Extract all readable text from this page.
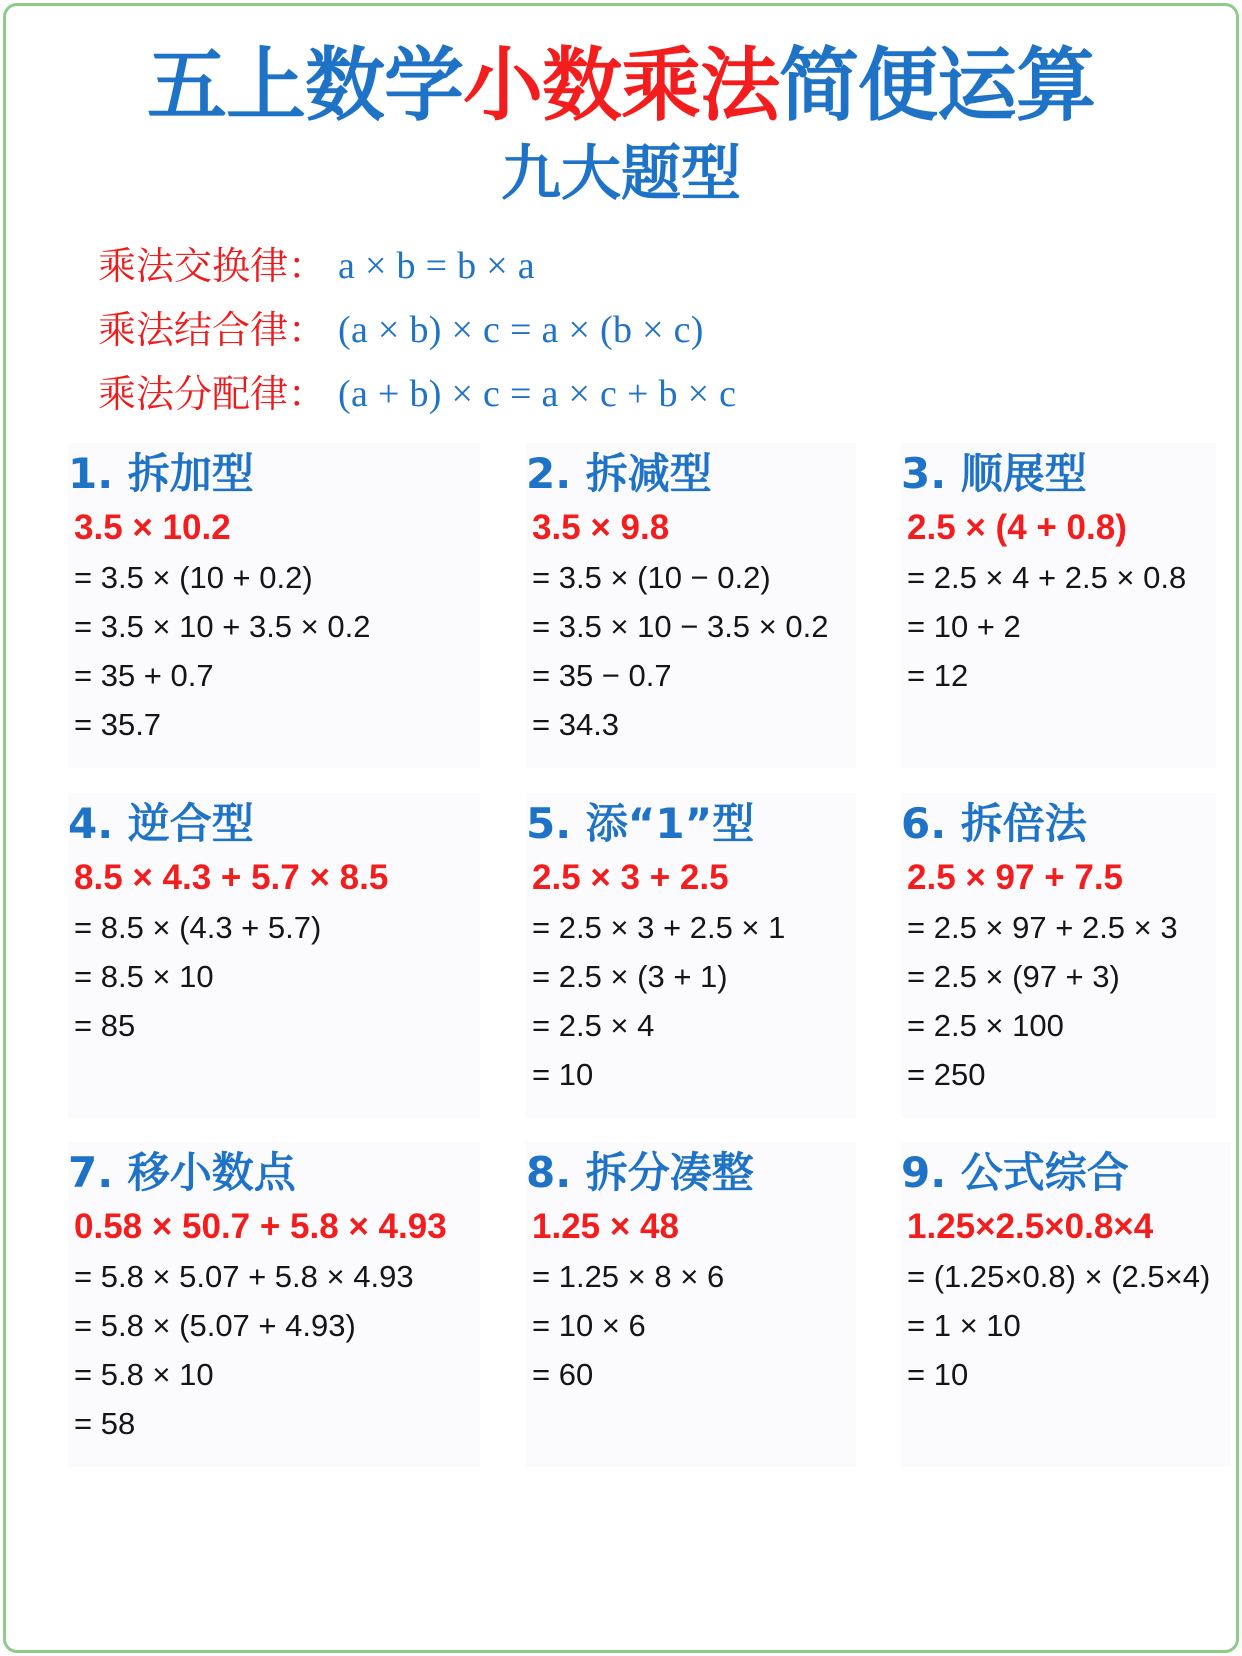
五上数学小数乘法简便运算
九大题型
乘法交换律： a × b = b × a
乘法结合律： (a × b) × c = a × (b × c)
乘法分配律： (a + b) × c = a × c + b × c
1. 拆加型
3.5 × 10.2
= 3.5 × (10 + 0.2)
= 3.5 × 10 + 3.5 × 0.2
= 35 + 0.7
= 35.7
2. 拆减型
3.5 × 9.8
= 3.5 × (10 − 0.2)
= 3.5 × 10 − 3.5 × 0.2
= 35 − 0.7
= 34.3
3. 顺展型
2.5 × (4 + 0.8)
= 2.5 × 4 + 2.5 × 0.8
= 10 + 2
= 12
4. 逆合型
8.5 × 4.3 + 5.7 × 8.5
= 8.5 × (4.3 + 5.7)
= 8.5 × 10
= 85
5. 添“1”型
2.5 × 3 + 2.5
= 2.5 × 3 + 2.5 × 1
= 2.5 × (3 + 1)
= 2.5 × 4
= 10
6. 拆倍法
2.5 × 97 + 7.5
= 2.5 × 97 + 2.5 × 3
= 2.5 × (97 + 3)
= 2.5 × 100
= 250
7. 移小数点
0.58 × 50.7 + 5.8 × 4.93
= 5.8 × 5.07 + 5.8 × 4.93
= 5.8 × (5.07 + 4.93)
= 5.8 × 10
= 58
8. 拆分凑整
1.25 × 48
= 1.25 × 8 × 6
= 10 × 6
= 60
9. 公式综合
1.25×2.5×0.8×4
= (1.25×0.8) × (2.5×4)
= 1 × 10
= 10
